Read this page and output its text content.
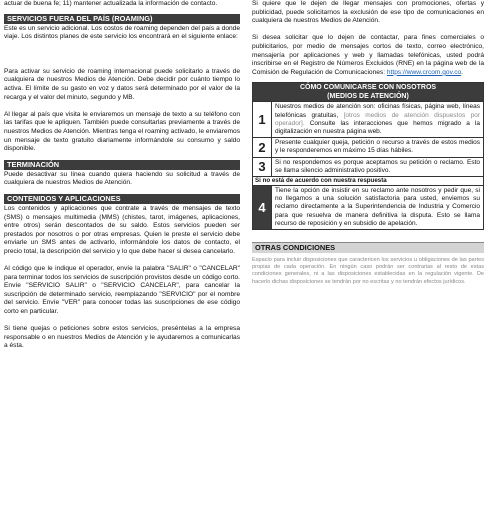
actuar de buena fe; 11) mantener actualizada la información de contacto.

SERVICIOS FUERA DEL PAÍS (ROAMING)

Este es un servicio adicional. Los costos de roaming dependen del país a donde viaje. Los distintos planes de este servicio los encontrará en el siguiente enlace:

Para activar su servicio de roaming internacional puede solicitarlo a través de cualquiera de nuestros Medios de Atención. Debe decidir por cuánto tiempo lo activa. El límite de su gasto en voz y datos será determinado por el valor de la recarga y el valor del minuto, segundo y MB.

Al llegar al país que visita le enviaremos un mensaje de texto a su teléfono con las tarifas que le apliquen. También puede consultarlas previamente a través de nuestros Medios de Atención. Mientras tenga el roaming activado, le enviaremos un mensaje de texto gratuito diariamente informándole su consumo y saldo disponible.

TERMINACIÓN

Puede desactivar su línea cuando quiera haciendo su solicitud a través de cualquiera de nuestros Medios de Atención.

CONTENIDOS Y APLICACIONES

Los contenidos y aplicaciones que contrate a través de mensajes de texto (SMS) o mensajes multimedia (MMS) (chistes, tarot, imágenes, aplicaciones, entre otros) serán descontados de su saldo. Estos servicios pueden ser prestados por nosotros o por otras empresas. Quien le preste el servicio debe enviarle un SMS antes de activarlo, informándole los datos de contacto, el precio total, la descripción del servicio y lo que debe hacer si desea cancelarlo.

Al código que le indique el operador, envíe la palabra "SALIR" o "CANCELAR" para terminar todos los servicios de suscripción provistos desde un código corto. Envíe "SERVICIO SALIR" o "SERVICIO CANCELAR", para cancelar la suscripción de determinado servicio, reemplazando "SERVICIO" por el nombre del servicio. Envíe "VER" para conocer todas las suscripciones de ese código corto en particular.

Si tiene quejas o peticiones sobre estos servicios, preséntelas a la empresa responsable o en nuestros Medios de Atención y le ayudaremos a comunicarlas a ésta.

Si quiere que le dejen de llegar mensajes con promociones, ofertas y publicidad, puede solicitarnos la exclusión de ese tipo de comunicaciones en cualquiera de nuestros Medios de Atención.

Si desea solicitar que lo dejen de contactar, para fines comerciales o publicitarios, por medio de mensajes cortos de texto, correo electrónico, mensajería por aplicaciones y web y llamadas telefónicas, usted podrá inscribirse en el Registro de Números Excluidos (RNE) en la página web de la Comisión de Regulación de Comunicaciones: https://www.crcom.gov.co.

CÓMO COMUNICARSE CON NOSOTROS
(MEDIOS DE ATENCIÓN)	

1	Nuestros medios de atención son: oficinas físicas, página web, líneas telefónicas gratuitas, [otros medios de atención dispuestos por operador]. Consulte las interacciones que hemos migrado a la digitalización en nuestra página web.

2	Presente cualquier queja, petición o recurso a través de estos medios y le responderemos en máximo 15 días hábiles.

3	Si no respondemos es porque aceptamos su petición o reclamo. Esto se llama silencio administrativo positivo.

Si no está de acuerdo con nuestra respuesta	
4	Tiene la opción de insistir en su reclamo ante nosotros y pedir que, si no llegamos a una solución satisfactoria para usted, enviemos su reclamo directamente a la Superintendencia de Industria y Comercio para que resuelva de manera definitiva la disputa. Esto se llama recurso de reposición y en subsidio de apelación.

OTRAS CONDICIONES

Espacio para incluir disposiciones que caractericen los servicios u obligaciones de las partes propias de cada operación. En ningún caso podrán ser contrarias al resto de estas condiciones generales, ni a las disposiciones establecidas en la regulación vigente. De hacerlo dichas disposiciones se tendrán por no escritas y no tendrán efectos jurídicos.
